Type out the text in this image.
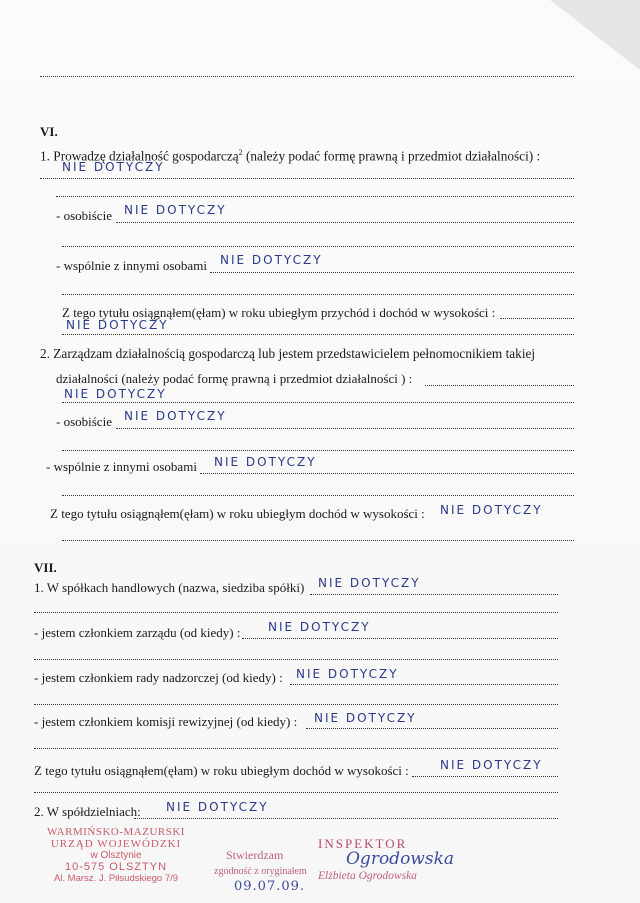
VI.
1. Prowadzę działalność gospodarczą$^2$ (należy podać formę prawną i przedmiot działalności) :
NIE DOTYCZY
- osobiście NIE DOTYCZY
- wspólnie z innymi osobami NIE DOTYCZY
Z tego tytułu osiągnąłem(ęłam) w roku ubiegłym przychód i dochód w wysokości :
NIE DOTYCZY
2. Zarządzam działalnością gospodarczą lub jestem przedstawicielem pełnomocnikiem takiej
działalności (należy podać formę prawną i przedmiot działalności ) :
NIE DOTYCZY
- osobiście NIE DOTYCZY
- wspólnie z innymi osobami NIE DOTYCZY
Z tego tytułu osiągnąłem(ęłam) w roku ubiegłym dochód w wysokości : NIE DOTYCZY
VII.
1. W spółkach handlowych (nazwa, siedziba spółki) NIE DOTYCZY
- jestem członkiem zarządu (od kiedy) : NIE DOTYCZY
- jestem członkiem rady nadzorczej (od kiedy) : NIE DOTYCZY
- jestem członkiem komisji rewizyjnej (od kiedy) : NIE DOTYCZY
Z tego tytułu osiągnąłem(ęłam) w roku ubiegłym dochód w wysokości :	NIE DOTYCZY
2. W spółdzielniach: NIE DOTYCZY
WARMIŃSKO-MAZURSKI
URZĄD WOJEWÓDZKI
w Olsztynie
10-575 OLSZTYN
Al. Marsz. J. Piłsudskiego 7/9
Stwierdzam
zgodność z oryginałem
09.07.09.
INSPEKTOR
Ogrodowska
Elżbieta Ogrodowska
